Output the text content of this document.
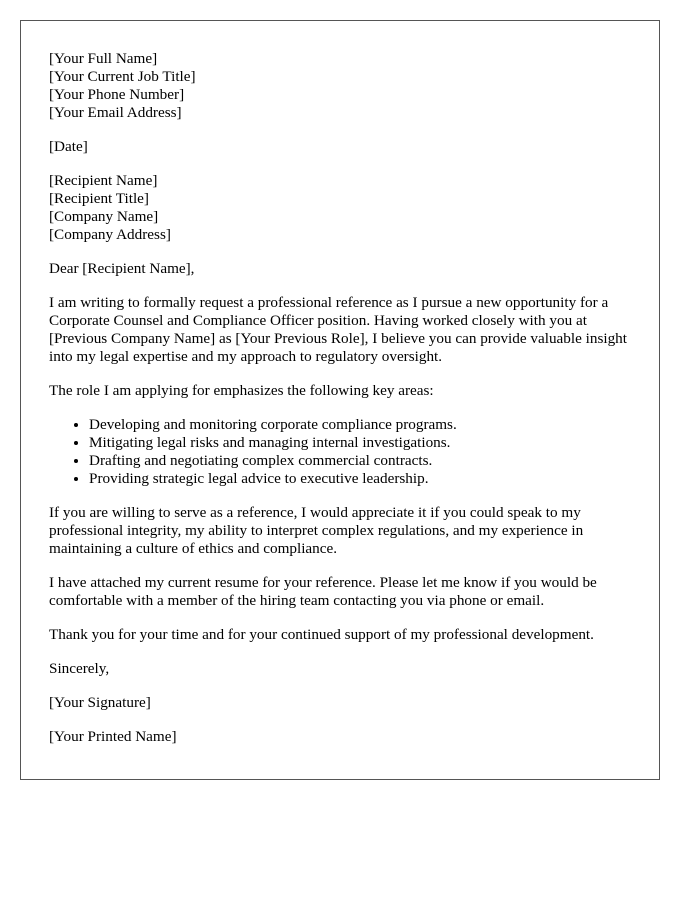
[Your Full Name]
[Your Current Job Title]
[Your Phone Number]
[Your Email Address]

[Date]

[Recipient Name]
[Recipient Title]
[Company Name]
[Company Address]

Dear [Recipient Name],

I am writing to formally request a professional reference as I pursue a new opportunity for a Corporate Counsel and Compliance Officer position. Having worked closely with you at [Previous Company Name] as [Your Previous Role], I believe you can provide valuable insight into my legal expertise and my approach to regulatory oversight.

The role I am applying for emphasizes the following key areas:

• Developing and monitoring corporate compliance programs.
• Mitigating legal risks and managing internal investigations.
• Drafting and negotiating complex commercial contracts.
• Providing strategic legal advice to executive leadership.

If you are willing to serve as a reference, I would appreciate it if you could speak to my professional integrity, my ability to interpret complex regulations, and my experience in maintaining a culture of ethics and compliance.

I have attached my current resume for your reference. Please let me know if you would be comfortable with a member of the hiring team contacting you via phone or email.

Thank you for your time and for your continued support of my professional development.

Sincerely,

[Your Signature]

[Your Printed Name]
